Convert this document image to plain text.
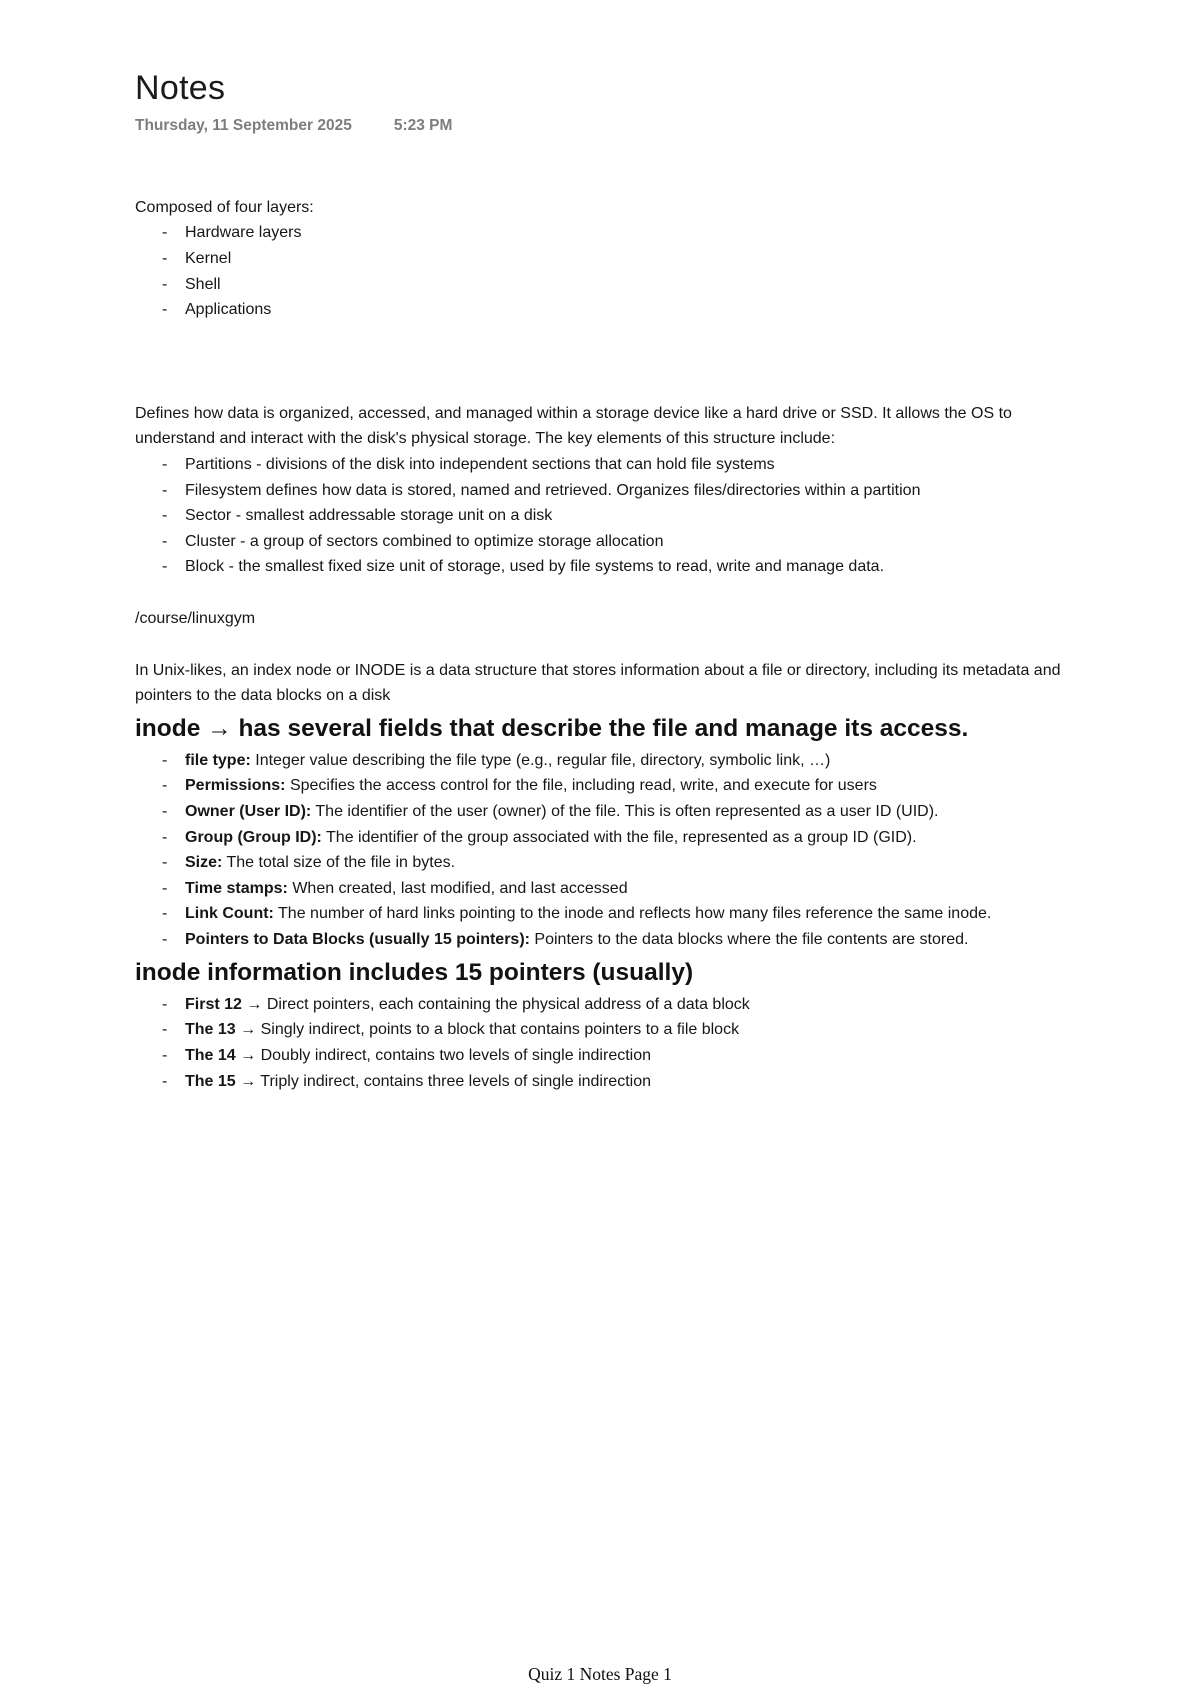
Notes
Thursday, 11 September 2025	5:23 PM

Composed of four layers:

- Hardware layers
- Kernel
- Shell
- Applications

Defines how data is organized, accessed, and managed within a storage device like a hard drive or SSD. It allows the OS to understand and interact with the disk's physical storage. The key elements of this structure include:

- Partitions - divisions of the disk into independent sections that can hold file systems
- Filesystem defines how data is stored, named and retrieved. Organizes files/directories within a partition
- Sector - smallest addressable storage unit on a disk
- Cluster - a group of sectors combined to optimize storage allocation
- Block - the smallest fixed size unit of storage, used by file systems to read, write and manage data.

/course/linuxgym

In Unix-likes, an index node or INODE is a data structure that stores information about a file or directory, including its metadata and pointers to the data blocks on a disk

inode → has several fields that describe the file and manage its access.
- file type: Integer value describing the file type (e.g., regular file, directory, symbolic link, …)
- Permissions: Specifies the access control for the file, including read, write, and execute for users
- Owner (User ID): The identifier of the user (owner) of the file. This is often represented as a user ID (UID).
- Group (Group ID): The identifier of the group associated with the file, represented as a group ID (GID).
- Size: The total size of the file in bytes.
- Time stamps: When created, last modified, and last accessed
- Link Count: The number of hard links pointing to the inode and reflects how many files reference the same inode.
- Pointers to Data Blocks (usually 15 pointers): Pointers to the data blocks where the file contents are stored.
inode information includes 15 pointers (usually)
- First 12 → Direct pointers, each containing the physical address of a data block
- The 13 → Singly indirect, points to a block that contains pointers to a file block
- The 14 → Doubly indirect, contains two levels of single indirection
- The 15 → Triply indirect, contains three levels of single indirection
Quiz 1 Notes Page 1
